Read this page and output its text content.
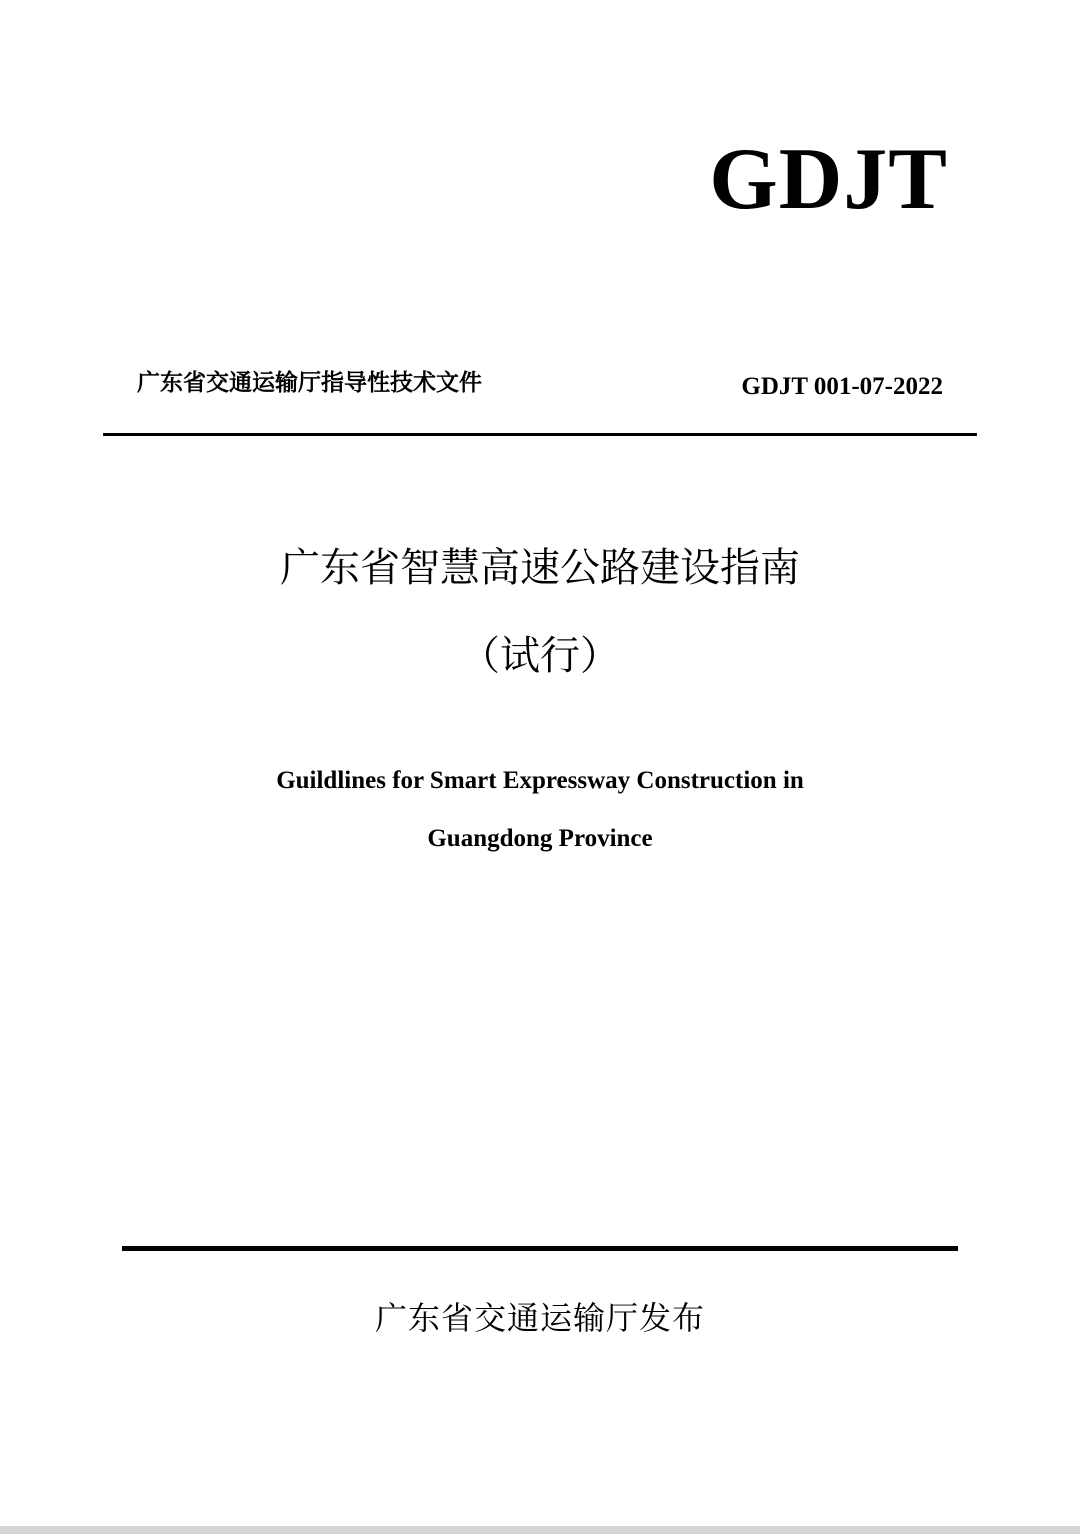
GDJT
广东省交通运输厅指导性技术文件	GDJT 001-07-2022
广东省智慧高速公路建设指南
（试行）
Guildlines for Smart Expressway Construction in
Guangdong Province
广东省交通运输厅发布
